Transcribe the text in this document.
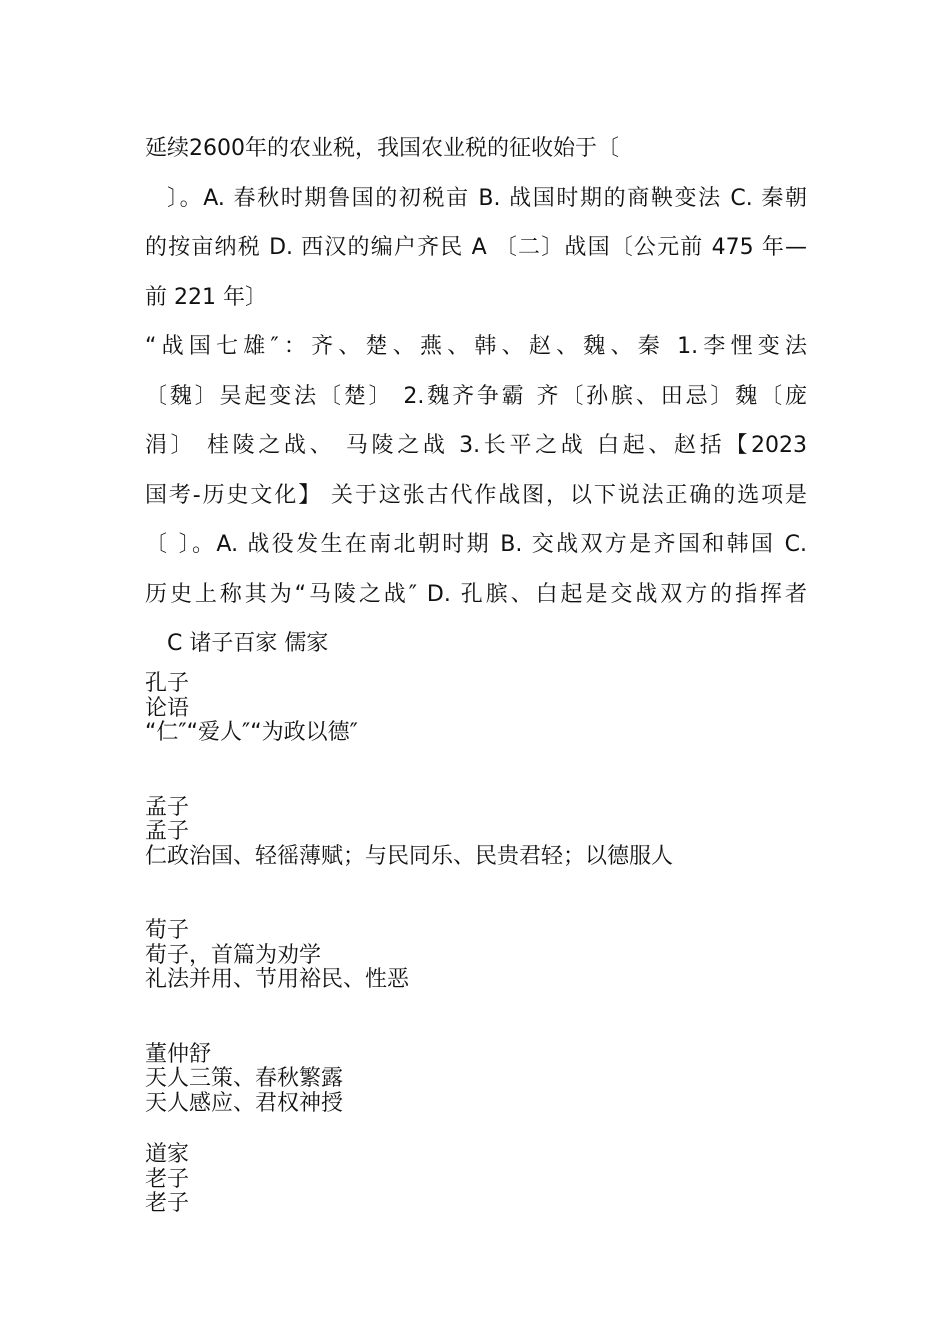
延续2600年的农业税，我国农业税的征收始于〔
〕。A. 春秋时期鲁国的初税亩 B. 战国时期的商鞅变法 C. 秦朝
的按亩纳税 D. 西汉的编户齐民 A 〔二〕战国〔公元前 475 年—
前 221 年〕
“战国七雄″：齐、楚、燕、韩、赵、魏、秦 1.李悝变法
〔魏〕吴起变法〔楚〕 2.魏齐争霸 齐〔孙膑、田忌〕魏〔庞
涓〕 桂陵之战、 马陵之战 3.长平之战 白起、赵括【2023
国考-历史文化】 关于这张古代作战图，以下说法正确的选项是
〔 〕。A. 战役发生在南北朝时期 B. 交战双方是齐国和韩国 C.
历史上称其为“马陵之战″ D. 孔膑、白起是交战双方的指挥者
C 诸子百家 儒家
孔子
论语
“仁″“爱人″“为政以德″
孟子
孟子
仁政治国、轻徭薄赋；与民同乐、民贵君轻；以德服人
荀子
荀子，首篇为劝学
礼法并用、节用裕民、性恶
董仲舒
天人三策、春秋繁露
天人感应、君权神授
道家
老子
老子
